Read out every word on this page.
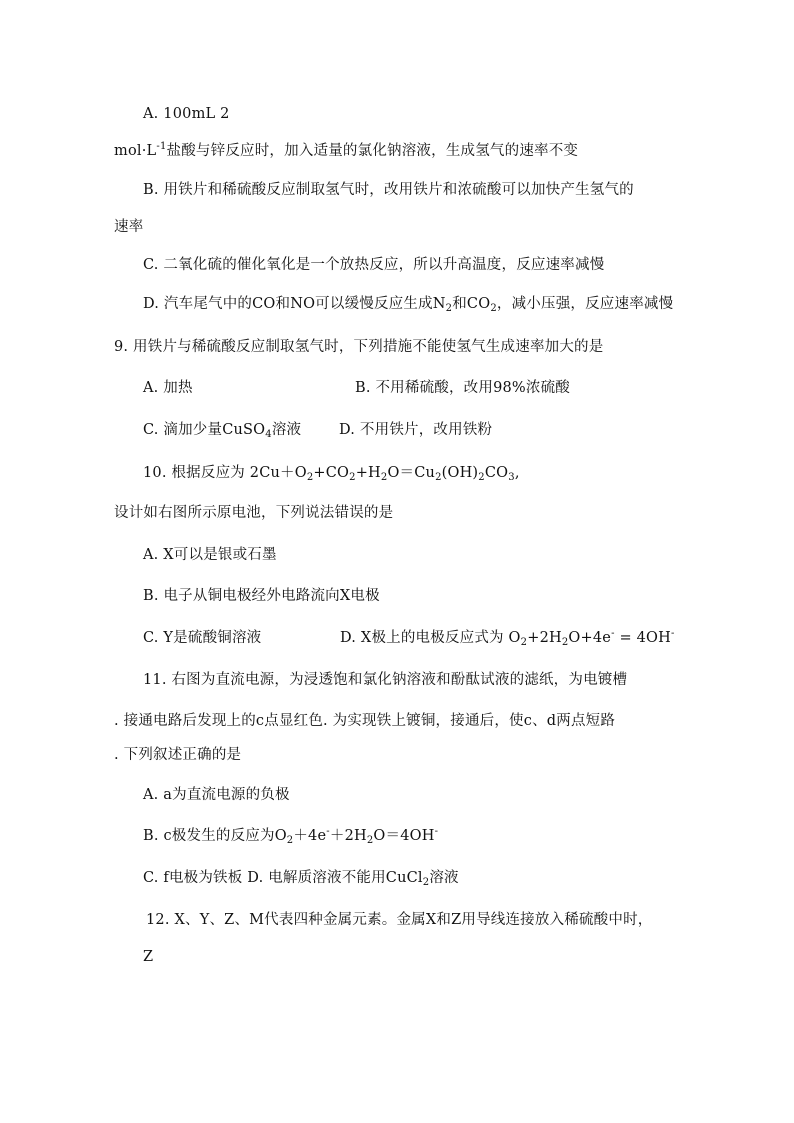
A. 100mL 2
$mol\cdot L^{-1}$盐酸与锌反应时，加入适量的氯化钠溶液，生成氢气的速率不变
B. 用铁片和稀硫酸反应制取氢气时，改用铁片和浓硫酸可以加快产生氢气的
速率
C. 二氧化硫的催化氧化是一个放热反应，所以升高温度，反应速率减慢
D. 汽车尾气中的CO和NO可以缓慢反应生成$N_2$和$CO_2$，减小压强，反应速率减慢
9. 用铁片与稀硫酸反应制取氢气时，下列措施不能使氢气生成速率加大的是
A. 加热	B. 不用稀硫酸，改用98%浓硫酸
C. 滴加少量CuSO$_4$溶液	D. 不用铁片，改用铁粉
10. 根据反应为 $2Cu+O_2+CO_2+H_2O=Cu_2(OH)_2CO_3$,
设计如右图所示原电池，下列说法错误的是
A. X可以是银或石墨
B. 电子从铜电极经外电路流向X电极
C. Y是硫酸铜溶液	D. X极上的电极反应式为 $O_2+2H_2O+4e^- = 4OH^-$
11. 右图为直流电源，为浸透饱和氯化钠溶液和酚酞试液的滤纸，为电镀槽
. 接通电路后发现上的c点显红色. 为实现铁上镀铜，接通后，使c、d两点短路
. 下列叙述正确的是
A. a为直流电源的负极
B. c极发生的反应为$O_2+4e^-+2H_2O=4OH^-$
C. f电极为铁板 D. 电解质溶液不能用CuCl$_2$溶液
12. X、Y、Z、M代表四种金属元素。金属X和Z用导线连接放入稀硫酸中时，
Z
